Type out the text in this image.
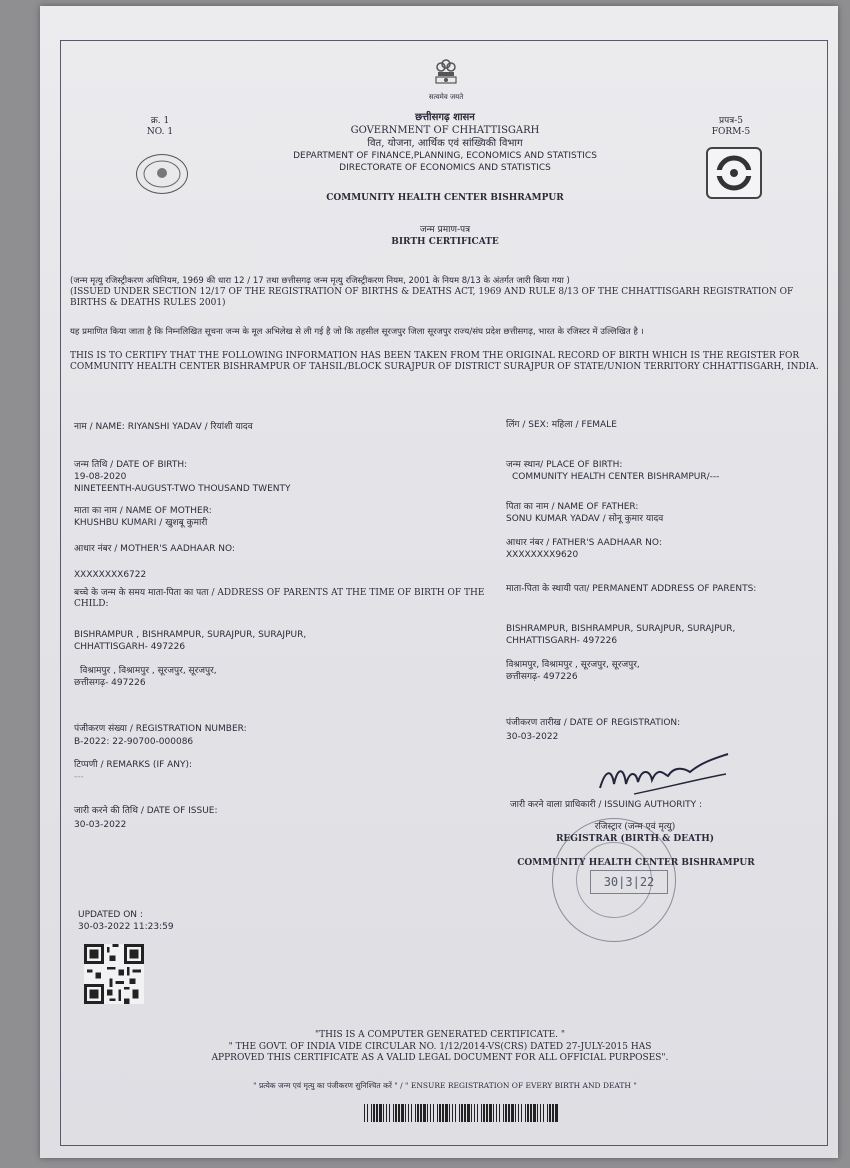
सत्यमेव जयते
क्र. 1
NO. 1
प्रपत्र-5
FORM-5
छत्तीसगढ़ शासन
GOVERNMENT OF CHHATTISGARH
वित, योजना, आर्थिक एवं सांख्यिकी विभाग
DEPARTMENT OF FINANCE,PLANNING, ECONOMICS AND STATISTICS
DIRECTORATE OF ECONOMICS AND STATISTICS
COMMUNITY HEALTH CENTER BISHRAMPUR
जन्म प्रमाण-पत्र
BIRTH CERTIFICATE
(जन्म मृत्यु रजिस्ट्रीकरण अधिनियम, 1969 की धारा 12 / 17 तथा छत्तीसगढ़ जन्म मृत्यु रजिस्ट्रीकरण नियम, 2001 के नियम 8/13 के अंतर्गत जारी किया गया )
(ISSUED UNDER SECTION 12/17 OF THE REGISTRATION OF BIRTHS & DEATHS ACT, 1969 AND RULE 8/13 OF THE CHHATTISGARH REGISTRATION OF BIRTHS & DEATHS RULES 2001)
यह प्रमाणित किया जाता है कि निम्नलिखित सूचना जन्म के मूल अभिलेख से ली गई है जो कि तहसील सूरजपुर जिला सूरजपुर राज्य/संघ प्रदेश छत्तीसगढ़, भारत के रजिस्टर में उल्लिखित है ।
THIS IS TO CERTIFY THAT THE FOLLOWING INFORMATION HAS BEEN TAKEN FROM THE ORIGINAL RECORD OF BIRTH WHICH IS THE REGISTER FOR COMMUNITY HEALTH CENTER BISHRAMPUR OF TAHSIL/BLOCK SURAJPUR OF DISTRICT SURAJPUR OF STATE/UNION TERRITORY CHHATTISGARH, INDIA.
नाम / NAME: RIYANSHI YADAV / रियांशी यादव	लिंग / SEX: महिला / FEMALE
जन्म तिथि / DATE OF BIRTH:
19-08-2020
NINETEENTH-AUGUST-TWO THOUSAND TWENTY
जन्म स्थान/ PLACE OF BIRTH:
COMMUNITY HEALTH CENTER BISHRAMPUR/---
माता का नाम / NAME OF MOTHER:
KHUSHBU KUMARI / खुशबू कुमारी
पिता का नाम / NAME OF FATHER:
SONU KUMAR YADAV / सोनू कुमार यादव
आधार नंबर / MOTHER'S AADHAAR NO:
XXXXXXXX6722
आधार नंबर / FATHER'S AADHAAR NO:
XXXXXXXX9620
बच्चे के जन्म के समय माता-पिता का पता / ADDRESS OF PARENTS AT THE TIME OF BIRTH OF THE CHILD:
BISHRAMPUR , BISHRAMPUR, SURAJPUR, SURAJPUR,
CHHATTISGARH- 497226
विश्रामपुर , विश्रामपुर , सूरजपुर, सूरजपुर,
छत्तीसगढ़- 497226
माता-पिता के स्थायी पता/ PERMANENT ADDRESS OF PARENTS:
BISHRAMPUR, BISHRAMPUR, SURAJPUR, SURAJPUR,
CHHATTISGARH- 497226
विश्रामपुर, विश्रामपुर , सूरजपुर, सूरजपुर,
छत्तीसगढ़- 497226
पंजीकरण संख्या / REGISTRATION NUMBER:
B-2022: 22-90700-000086
पंजीकरण तारीख / DATE OF REGISTRATION:
30-03-2022
टिप्पणी / REMARKS (IF ANY):
---
जारी करने की तिथि / DATE OF ISSUE:
30-03-2022
30|3|22
जारी करने वाला प्राधिकारी / ISSUING AUTHORITY :
रजिस्ट्रार (जन्म एवं मृत्यु)
REGISTRAR (BIRTH & DEATH)
COMMUNITY HEALTH CENTER BISHRAMPUR
UPDATED ON :
30-03-2022 11:23:59
"THIS IS A COMPUTER GENERATED CERTIFICATE. "
" THE GOVT. OF INDIA VIDE CIRCULAR NO. 1/12/2014-VS(CRS) DATED 27-JULY-2015 HAS
APPROVED THIS CERTIFICATE AS A VALID LEGAL DOCUMENT FOR ALL OFFICIAL PURPOSES".
" प्रत्येक जन्म एवं मृत्यु का पंजीकरण सुनिश्चित करें " / " ENSURE REGISTRATION OF EVERY BIRTH AND DEATH "
